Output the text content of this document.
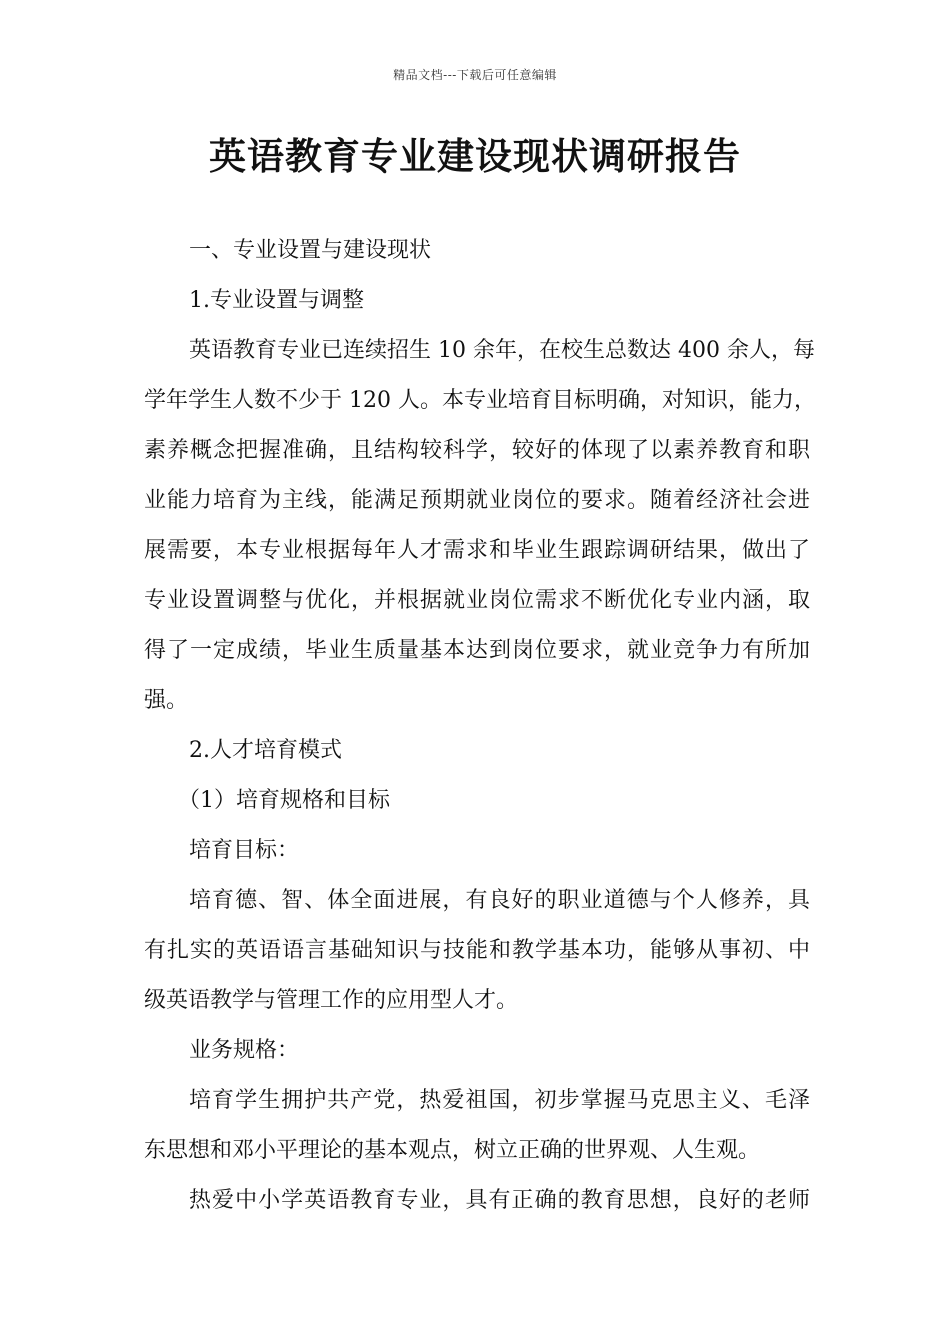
精品文档---下载后可任意编辑
英语教育专业建设现状调研报告

一、专业设置与建设现状

1.专业设置与调整

英语教育专业已连续招生 10 余年，在校生总数达 400 余人，每

学年学生人数不少于 120 人。本专业培育目标明确，对知识，能力，

素养概念把握准确，且结构较科学，较好的体现了以素养教育和职

业能力培育为主线，能满足预期就业岗位的要求。随着经济社会进

展需要，本专业根据每年人才需求和毕业生跟踪调研结果，做出了

专业设置调整与优化，并根据就业岗位需求不断优化专业内涵，取

得了一定成绩，毕业生质量基本达到岗位要求，就业竞争力有所加

强。

2.人才培育模式

（1）培育规格和目标

培育目标：

培育德、智、体全面进展，有良好的职业道德与个人修养，具

有扎实的英语语言基础知识与技能和教学基本功，能够从事初、中

级英语教学与管理工作的应用型人才。

业务规格：

培育学生拥护共产党，热爱祖国，初步掌握马克思主义、毛泽

东思想和邓小平理论的基本观点，树立正确的世界观、人生观。

热爱中小学英语教育专业，具有正确的教育思想，良好的老师
